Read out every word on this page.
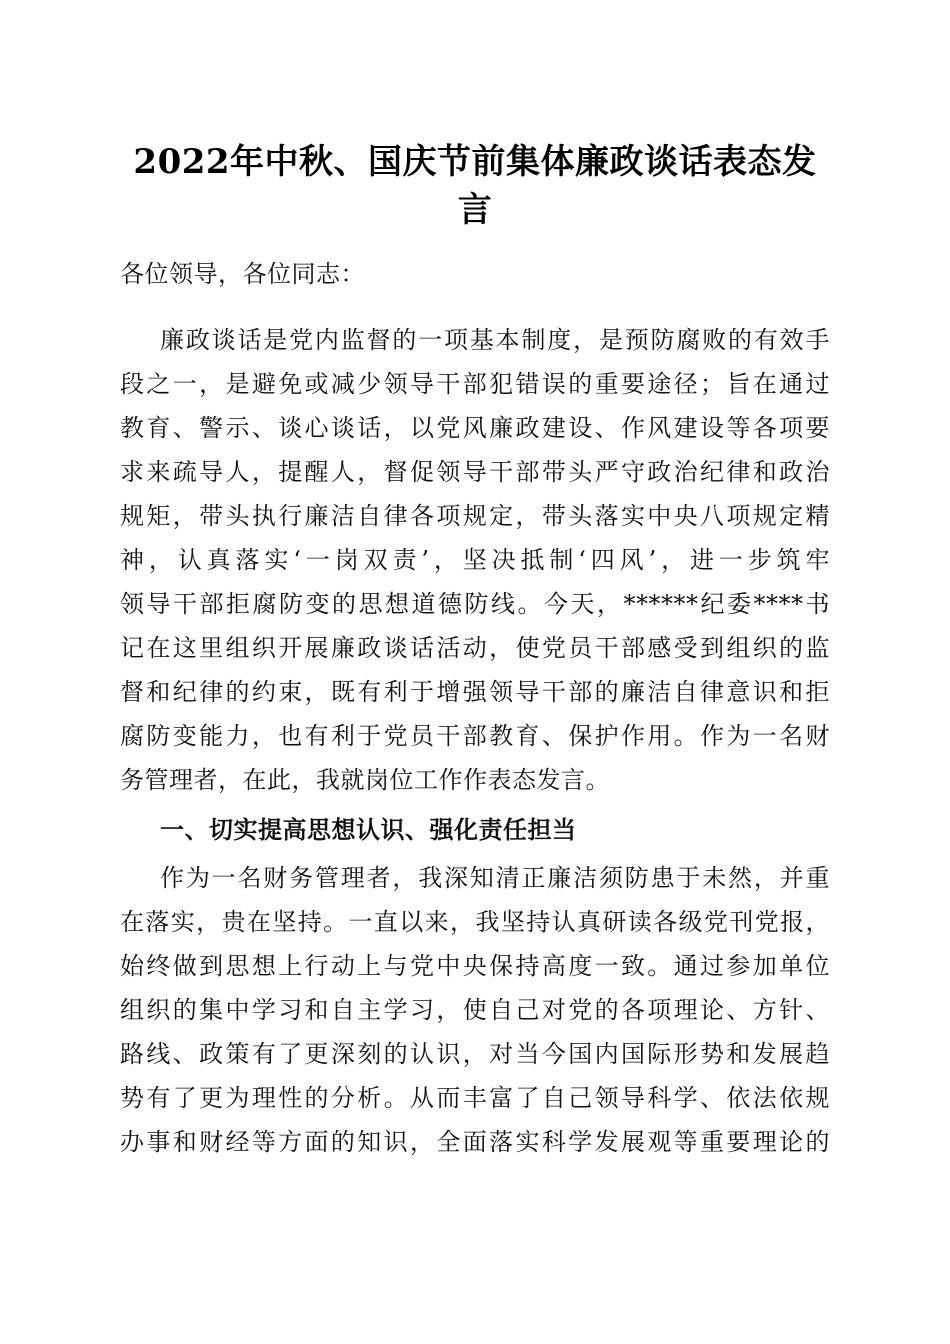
2022年中秋、国庆节前集体廉政谈话表态发
言
各位领导，各位同志：
廉政谈话是党内监督的一项基本制度，是预防腐败的有效手
段之一，是避免或减少领导干部犯错误的重要途径；旨在通过
教育、警示、谈心谈话，以党风廉政建设、作风建设等各项要
求来疏导人，提醒人，督促领导干部带头严守政治纪律和政治
规矩，带头执行廉洁自律各项规定，带头落实中央八项规定精
神，认真落实‘一岗双责’，坚决抵制‘四风’，进一步筑牢
领导干部拒腐防变的思想道德防线。今天，******纪委****书
记在这里组织开展廉政谈话活动，使党员干部感受到组织的监
督和纪律的约束，既有利于增强领导干部的廉洁自律意识和拒
腐防变能力，也有利于党员干部教育、保护作用。作为一名财
务管理者，在此，我就岗位工作作表态发言。
一、切实提高思想认识、强化责任担当
作为一名财务管理者，我深知清正廉洁须防患于未然，并重
在落实，贵在坚持。一直以来，我坚持认真研读各级党刊党报，
始终做到思想上行动上与党中央保持高度一致。通过参加单位
组织的集中学习和自主学习，使自己对党的各项理论、方针、
路线、政策有了更深刻的认识，对当今国内国际形势和发展趋
势有了更为理性的分析。从而丰富了自己领导科学、依法依规
办事和财经等方面的知识，全面落实科学发展观等重要理论的
